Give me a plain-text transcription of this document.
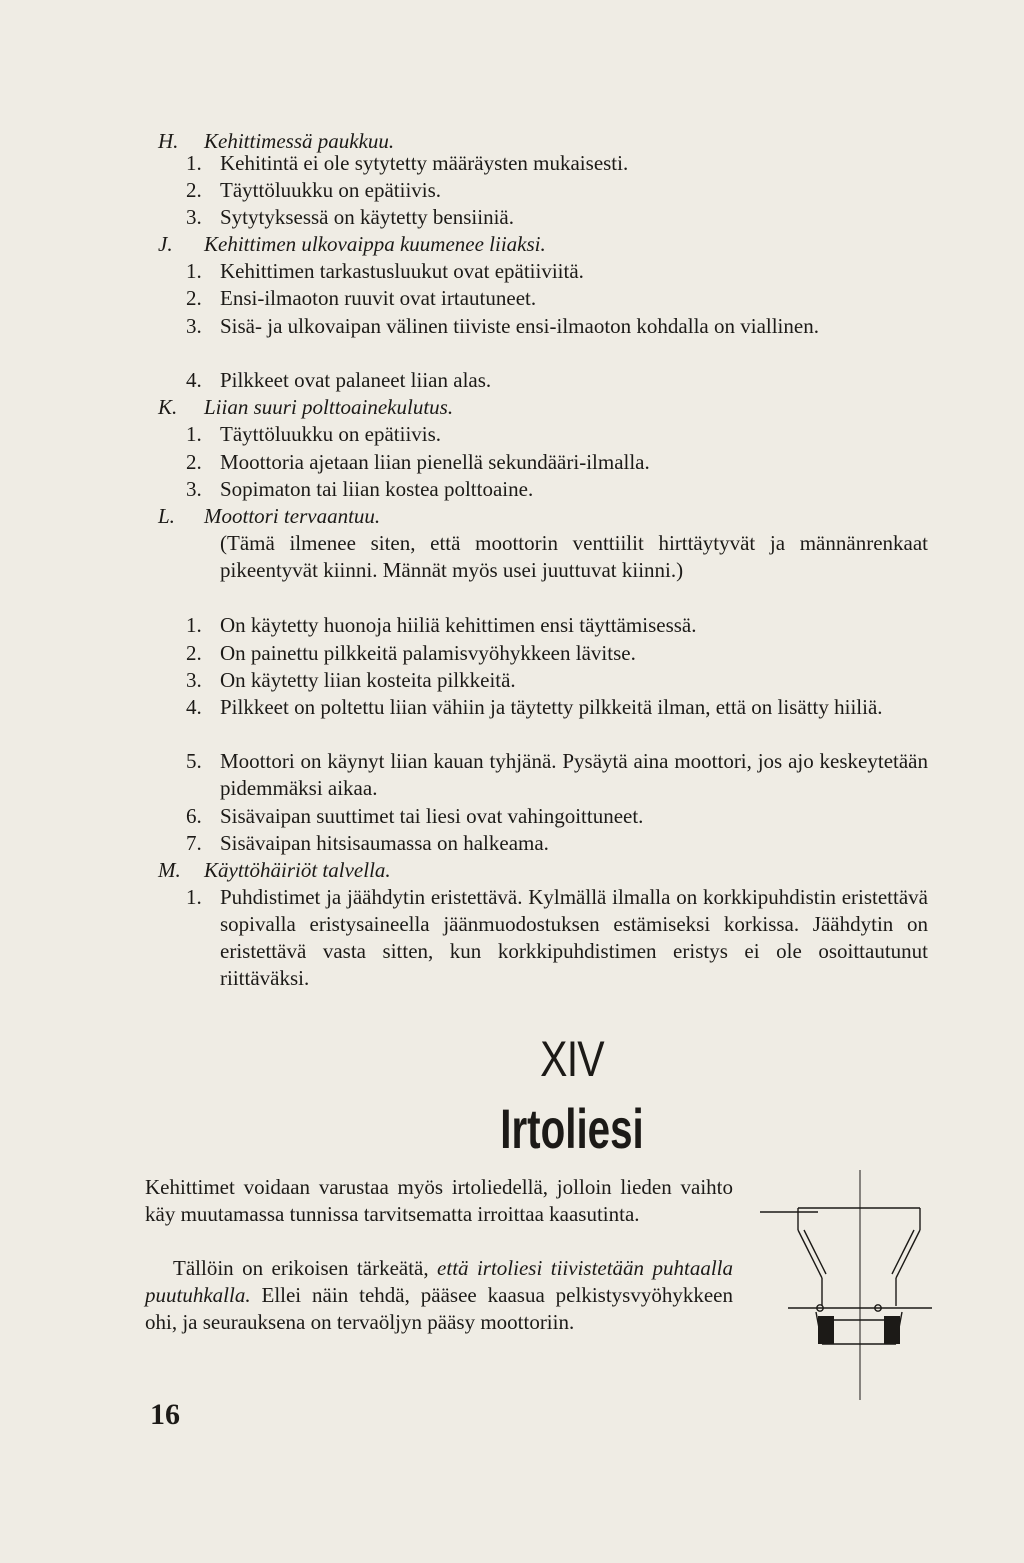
H. Kehittimessä paukkuu.
1. Kehitintä ei ole sytytetty määräysten mukaisesti.
2. Täyttöluukku on epätiivis.
3. Sytytyksessä on käytetty bensiiniä.
J. Kehittimen ulkovaippa kuumenee liiaksi.
1. Kehittimen tarkastusluukut ovat epätiiviitä.
2. Ensi-ilmaoton ruuvit ovat irtautuneet.
3. Sisä- ja ulkovaipan välinen tiiviste ensi-ilmaoton kohdalla on viallinen.
4. Pilkkeet ovat palaneet liian alas.
K. Liian suuri polttoainekulutus.
1. Täyttöluukku on epätiivis.
2. Moottoria ajetaan liian pienellä sekundääri-ilmalla.
3. Sopimaton tai liian kostea polttoaine.
L. Moottori tervaantuu.
(Tämä ilmenee siten, että moottorin venttiilit hirttäytyvät ja männänrenkaat pikeentyvät kiinni. Männät myös usei juuttuvat kiinni.)
1. On käytetty huonoja hiiliä kehittimen ensi täyttämisessä.
2. On painettu pilkkeitä palamisvyöhykkeen lävitse.
3. On käytetty liian kosteita pilkkeitä.
4. Pilkkeet on poltettu liian vähiin ja täytetty pilkkeitä ilman, että on lisätty hiiliä.
5. Moottori on käynyt liian kauan tyhjänä. Pysäytä aina moottori, jos ajo keskeytetään pidemmäksi aikaa.
6. Sisävaipan suuttimet tai liesi ovat vahingoittuneet.
7. Sisävaipan hitsisaumassa on halkeama.
M. Käyttöhäiriöt talvella.
1. Puhdistimet ja jäähdytin eristettävä. Kylmällä ilmalla on korkkipuhdistin eristettävä sopivalla eristysaineella jäänmuodostuksen estämiseksi korkissa. Jäähdytin on eristettävä vasta sitten, kun korkkipuhdistimen eristys ei ole osoittautunut riittäväksi.
XIV
Irtoliesi
Kehittimet voidaan varustaa myös irtoliedellä, jolloin lieden vaihto käy muutamassa tunnissa tarvitsematta irroittaa kaasutinta.
Tällöin on erikoisen tärkeätä, että irtoliesi tiivistetään puhtaalla puutuhkalla. Ellei näin tehdä, pääsee kaasua pelkistysvyöhykkeen ohi, ja seurauksena on tervaöljyn pääsy moottoriin.
16
